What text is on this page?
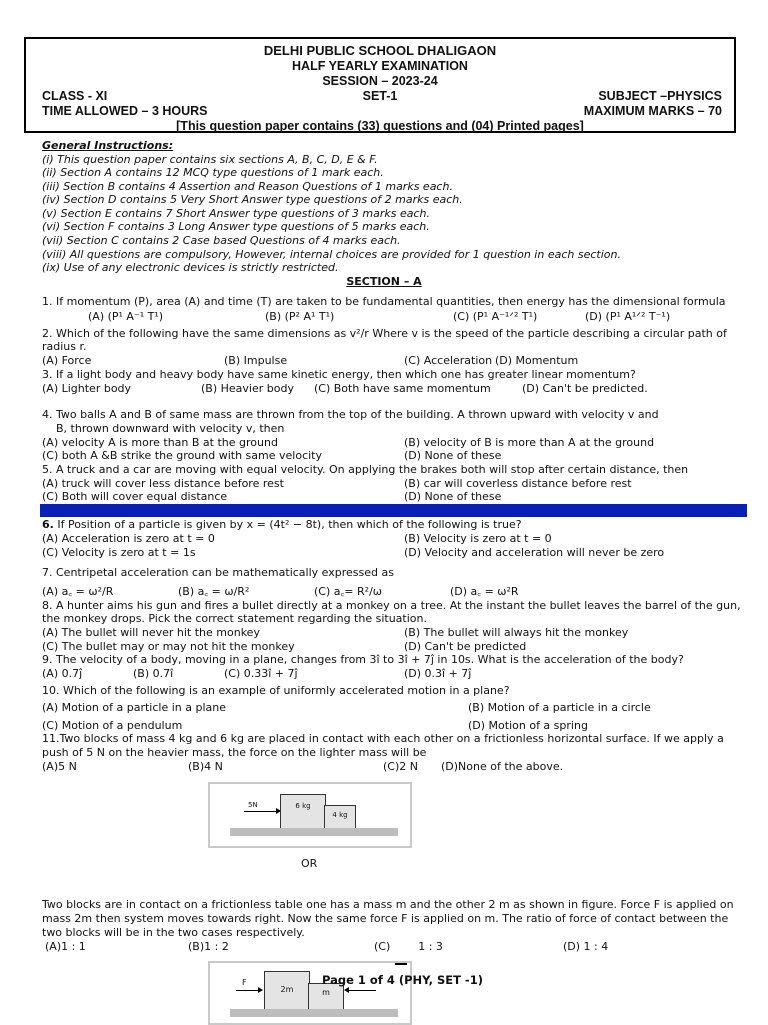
DELHI PUBLIC SCHOOL DHALIGAON
HALF YEARLY EXAMINATION
SESSION – 2023-24
CLASS - XI	SET-1	SUBJECT –PHYSICS
TIME ALLOWED – 3 HOURS	MAXIMUM MARKS – 70
[This question paper contains (33) questions and (04) Printed pages]
General Instructions:
(i) This question paper contains six sections A, B, C, D, E & F.
(ii) Section A contains 12 MCQ type questions of 1 mark each.
(iii) Section B contains 4 Assertion and Reason Questions of 1 marks each.
(iv) Section D contains 5 Very Short Answer type questions of 2 marks each.
(v) Section E contains 7 Short Answer type questions of 3 marks each.
(vi) Section F contains 3 Long Answer type questions of 5 marks each.
(vii) Section C contains 2 Case based Questions of 4 marks each.
(viii) All questions are compulsory, However, internal choices are provided for 1 question in each section.
(ix) Use of any electronic devices is strictly restricted.
SECTION – A
1. If momentum (P), area (A) and time (T) are taken to be fundamental quantities, then energy has the dimensional formula
(A) (P¹ A⁻¹ T¹)	(B) (P² A¹ T¹)	(C) (P¹ A⁻¹ᐟ² T¹)	(D) (P¹ A¹ᐟ² T⁻¹)
2. Which of the following have the same dimensions as v²/r Where v is the speed of the particle describing a circular path of
radius r.
(A) Force	(B) Impulse	(C) Acceleration (D) Momentum
3. If a light body and heavy body have same kinetic energy, then which one has greater linear momentum?
(A) Lighter body	(B) Heavier body (C) Both have same momentum	(D) Can't be predicted.
4. Two balls A and B of same mass are thrown from the top of the building. A thrown upward with velocity v and
B, thrown downward with velocity v, then
(A) velocity A is more than B at the ground	(B) velocity of B is more than A at the ground
(C) both A &B strike the ground with same velocity	(D) None of these
5. A truck and a car are moving with equal velocity. On applying the brakes both will stop after certain distance, then
(A) truck will cover less distance before rest	(B) car will coverless distance before rest
(C) Both will cover equal distance	(D) None of these
6. If Position of a particle is given by x = (4t² − 8t), then which of the following is true?
(A) Acceleration is zero at t = 0	(B) Velocity is zero at t = 0
(C) Velocity is zero at t = 1s	(D) Velocity and acceleration will never be zero
7. Centripetal acceleration can be mathematically expressed as
(A) a꜀ = ω²/R	(B) a꜀ = ω/R²	(C) a꜀= R²/ω	(D) a꜀ = ω²R
8. A hunter aims his gun and fires a bullet directly at a monkey on a tree. At the instant the bullet leaves the barrel of the gun,
the monkey drops. Pick the correct statement regarding the situation.
(A) The bullet will never hit the monkey	(B) The bullet will always hit the monkey
(C) The bullet may or may not hit the monkey	(D) Can't be predicted
9. The velocity of a body, moving in a plane, changes from 3î to 3î + 7ĵ in 10s. What is the acceleration of the body?
(A) 0.7ĵ	(B) 0.7î	(C) 0.33î + 7ĵ	(D) 0.3î + 7ĵ
10. Which of the following is an example of uniformly accelerated motion in a plane?
(A) Motion of a particle in a plane	(B) Motion of a particle in a circle
(C) Motion of a pendulum	(D) Motion of a spring
11.Two blocks of mass 4 kg and 6 kg are placed in contact with each other on a frictionless horizontal surface. If we apply a
push of 5 N on the heavier mass, the force on the lighter mass will be
(A)5 N	(B)4 N	(C)2 N (D)None of the above.
5N	6 kg
4 kg
OR
Two blocks are in contact on a frictionless table one has a mass m and the other 2 m as shown in figure. Force F is applied on
mass 2m then system moves towards right. Now the same force F is applied on m. The ratio of force of contact between the
two blocks will be in the two cases respectively.
(A)1 : 1	(B)1 : 2	(C)        1 : 3	(D) 1 : 4
F
2m	m
Page 1 of 4 (PHY, SET -1)
